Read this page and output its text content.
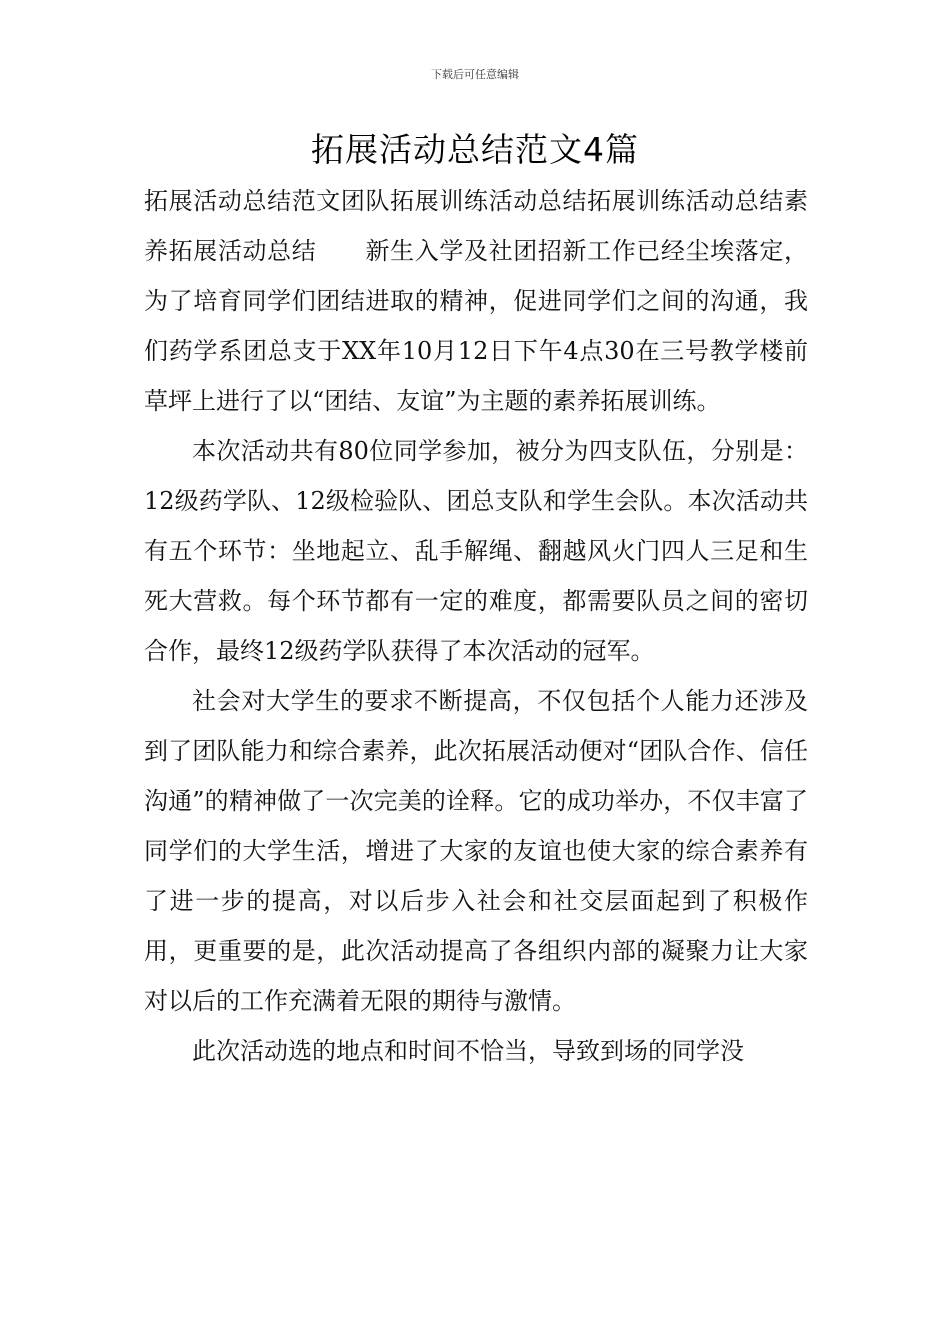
下载后可任意编辑
拓展活动总结范文4篇

拓展活动总结范文团队拓展训练活动总结拓展训练活动总结素养拓展活动总结　　新生入学及社团招新工作已经尘埃落定，为了培育同学们团结进取的精神，促进同学们之间的沟通，我们药学系团总支于XX年10月12日下午4点30在三号教学楼前草坪上进行了以“团结、友谊”为主题的素养拓展训练。

本次活动共有80位同学参加，被分为四支队伍，分别是：12级药学队、12级检验队、团总支队和学生会队。本次活动共有五个环节：坐地起立、乱手解绳、翻越风火门四人三足和生死大营救。每个环节都有一定的难度，都需要队员之间的密切合作，最终12级药学队获得了本次活动的冠军。

社会对大学生的要求不断提高，不仅包括个人能力还涉及到了团队能力和综合素养，此次拓展活动便对“团队合作、信任沟通”的精神做了一次完美的诠释。它的成功举办，不仅丰富了同学们的大学生活，增进了大家的友谊也使大家的综合素养有了进一步的提高，对以后步入社会和社交层面起到了积极作用，更重要的是，此次活动提高了各组织内部的凝聚力让大家对以后的工作充满着无限的期待与激情。

此次活动选的地点和时间不恰当，导致到场的同学没
